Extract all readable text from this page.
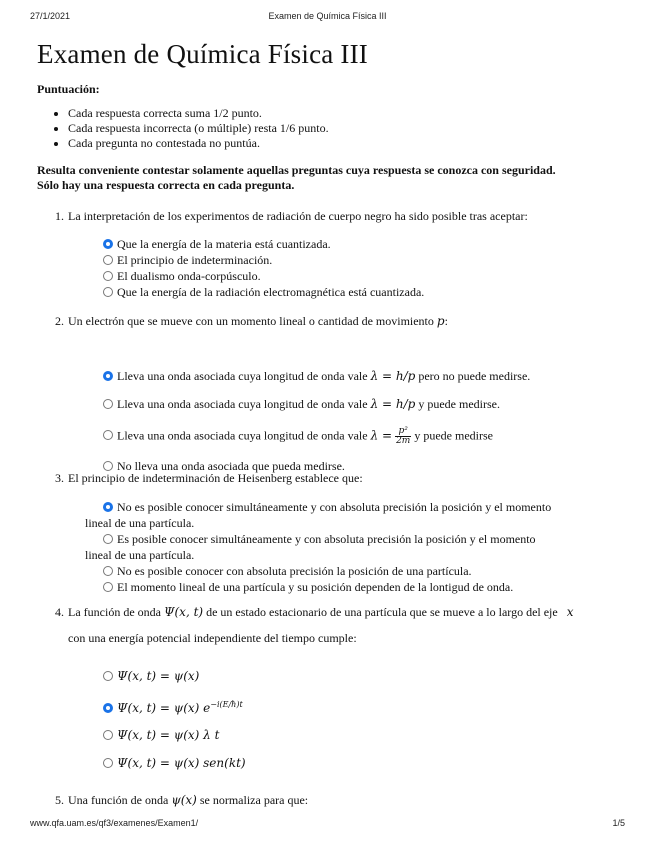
27/1/2021	Examen de Química Física III
Examen de Química Física III
Puntuación:
• Cada respuesta correcta suma 1/2 punto.
• Cada respuesta incorrecta (o múltiple) resta 1/6 punto.
• Cada pregunta no contestada no puntúa.
Resulta conveniente contestar solamente aquellas preguntas cuya respuesta se conozca con seguridad.
Sólo hay una respuesta correcta en cada pregunta.
1. La interpretación de los experimentos de radiación de cuerpo negro ha sido posible tras aceptar:
Que la energía de la materia está cuantizada.
El principio de indeterminación.
El dualismo onda-corpúsculo.
Que la energía de la radiación electromagnética está cuantizada.
2. Un electrón que se mueve con un momento lineal o cantidad de movimiento p:
Lleva una onda asociada cuya longitud de onda vale λ = h/p pero no puede medirse.
Lleva una onda asociada cuya longitud de onda vale λ = h/p y puede medirse.
Lleva una onda asociada cuya longitud de onda vale $\lambda = \frac{\text{p²}}{2m}$ y puede medirse
No lleva una onda asociada que pueda medirse.
3. El principio de indeterminación de Heisenberg establece que:
No es posible conocer simultáneamente y con absoluta precisión la posición y el momento
lineal de una partícula.
Es posible conocer simultáneamente y con absoluta precisión la posición y el momento
lineal de una partícula.
No es posible conocer con absoluta precisión la posición de una partícula.
El momento lineal de una partícula y su posición dependen de la lontigud de onda.
4. La función de onda Ψ(x, t) de un estado estacionario de una partícula que se mueve a lo largo del eje x
con una energía potencial independiente del tiempo cumple:
Ψ(x, t) = ψ(x)
Ψ(x, t) = ψ(x) $e^{-i(E/ħ)t}$
Ψ(x, t) = ψ(x) λ t
Ψ(x, t) = ψ(x) sen(kt)
5. Una función de onda ψ(x) se normaliza para que:
www.qfa.uam.es/qf3/examenes/Examen1/	1/5
